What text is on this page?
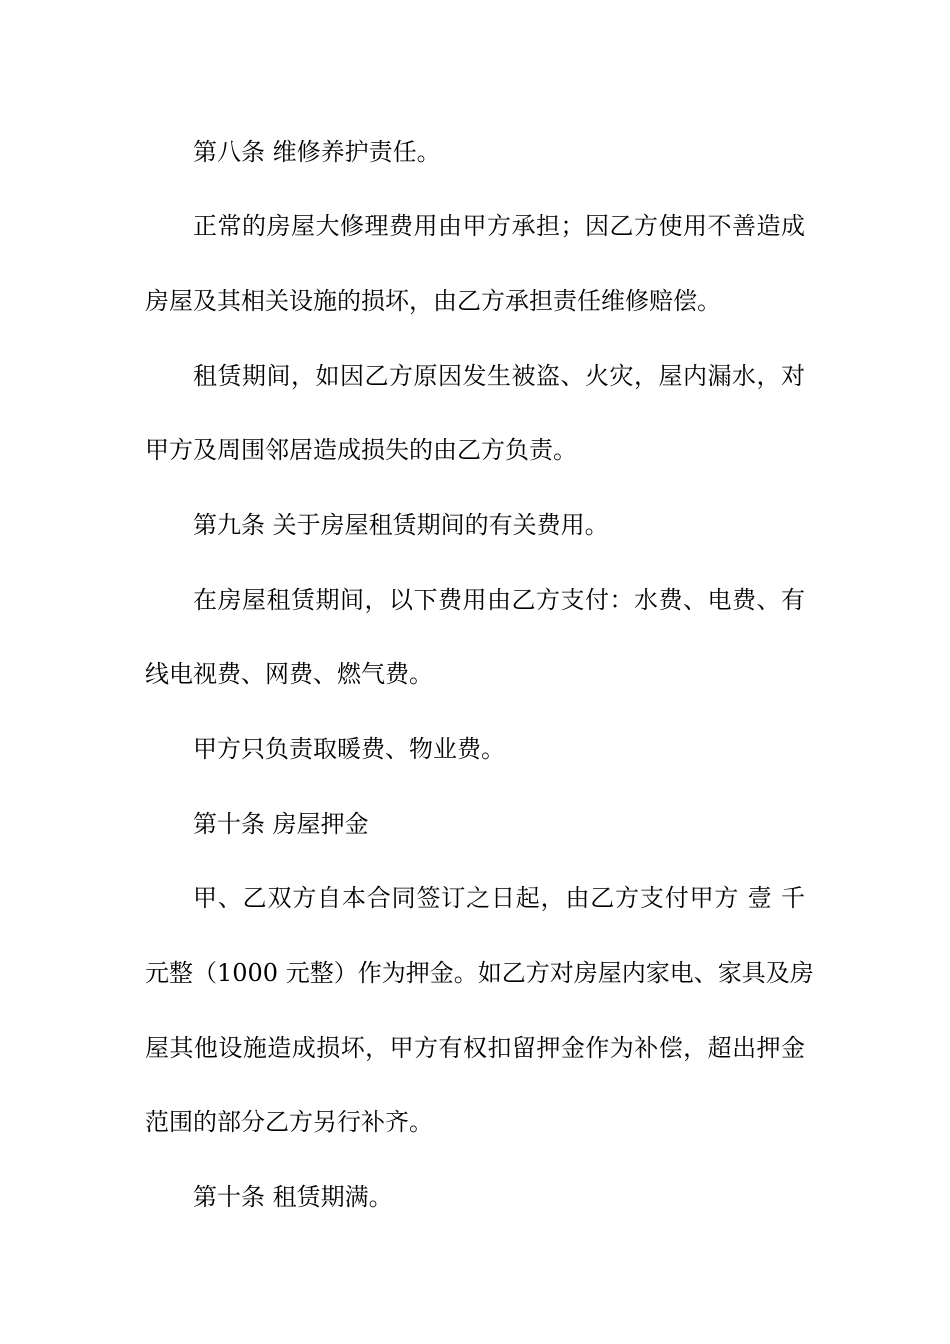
第八条 维修养护责任。
正常的房屋大修理费用由甲方承担；因乙方使用不善造成
房屋及其相关设施的损坏，由乙方承担责任维修赔偿。
租赁期间，如因乙方原因发生被盗、火灾，屋内漏水，对
甲方及周围邻居造成损失的由乙方负责。
第九条 关于房屋租赁期间的有关费用。
在房屋租赁期间，以下费用由乙方支付：水费、电费、有
线电视费、网费、燃气费。
甲方只负责取暖费、物业费。
第十条 房屋押金
甲、乙双方自本合同签订之日起，由乙方支付甲方 壹 千
元整（1000 元整）作为押金。如乙方对房屋内家电、家具及房
屋其他设施造成损坏，甲方有权扣留押金作为补偿，超出押金
范围的部分乙方另行补齐。
第十条 租赁期满。
